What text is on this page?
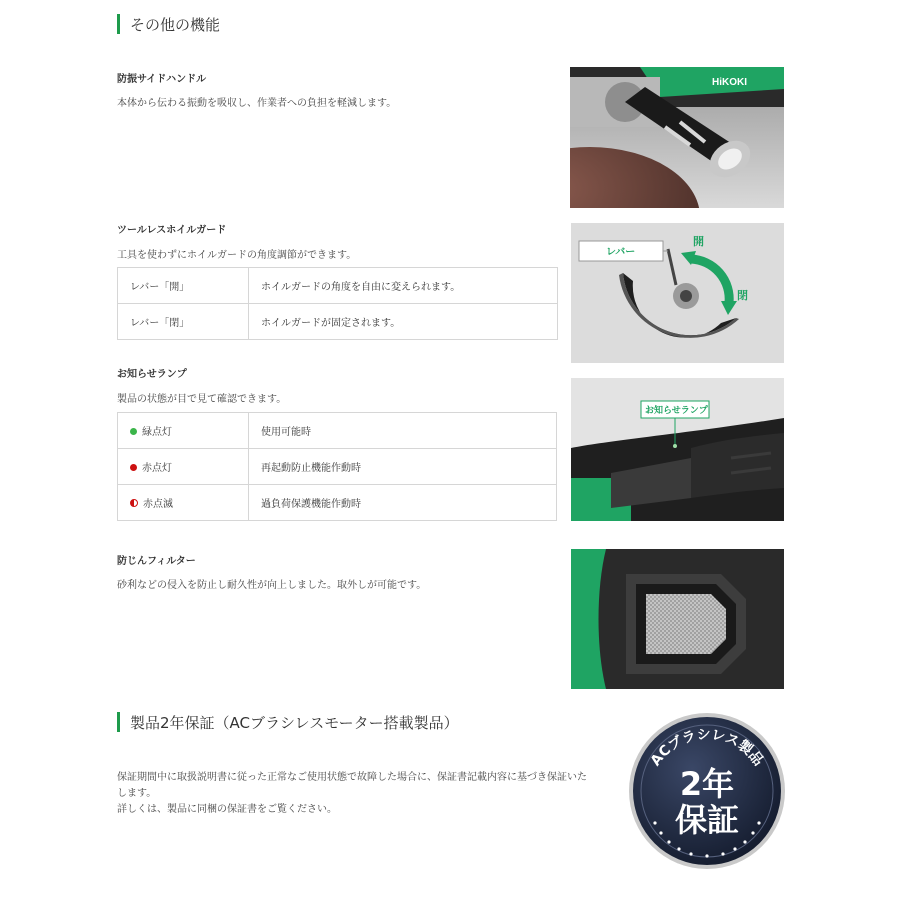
その他の機能
防振サイドハンドル
本体から伝わる振動を吸収し、作業者への負担を軽減します。
HiKOKI
ツールレスホイルガード
工具を使わずにホイルガードの角度調節ができます。
レバー「開」	ホイルガードの角度を自由に変えられます。
レバー「閉」	ホイルガードが固定されます。
レバー
開
閉
お知らせランプ
製品の状態が目で見て確認できます。
緑点灯	使用可能時
赤点灯	再起動防止機能作動時
赤点滅	過負荷保護機能作動時
お知らせランプ
防じんフィルター
砂利などの侵入を防止し耐久性が向上しました。取外しが可能です。
製品2年保証（ACブラシレスモーター搭載製品）

保証期間中に取扱説明書に従った正常なご使用状態で故障した場合に、保証書記載内容に基づき保証いた

します。

詳しくは、製品に同梱の保証書をご覧ください。

ACブラシレス製品
2年
保証
